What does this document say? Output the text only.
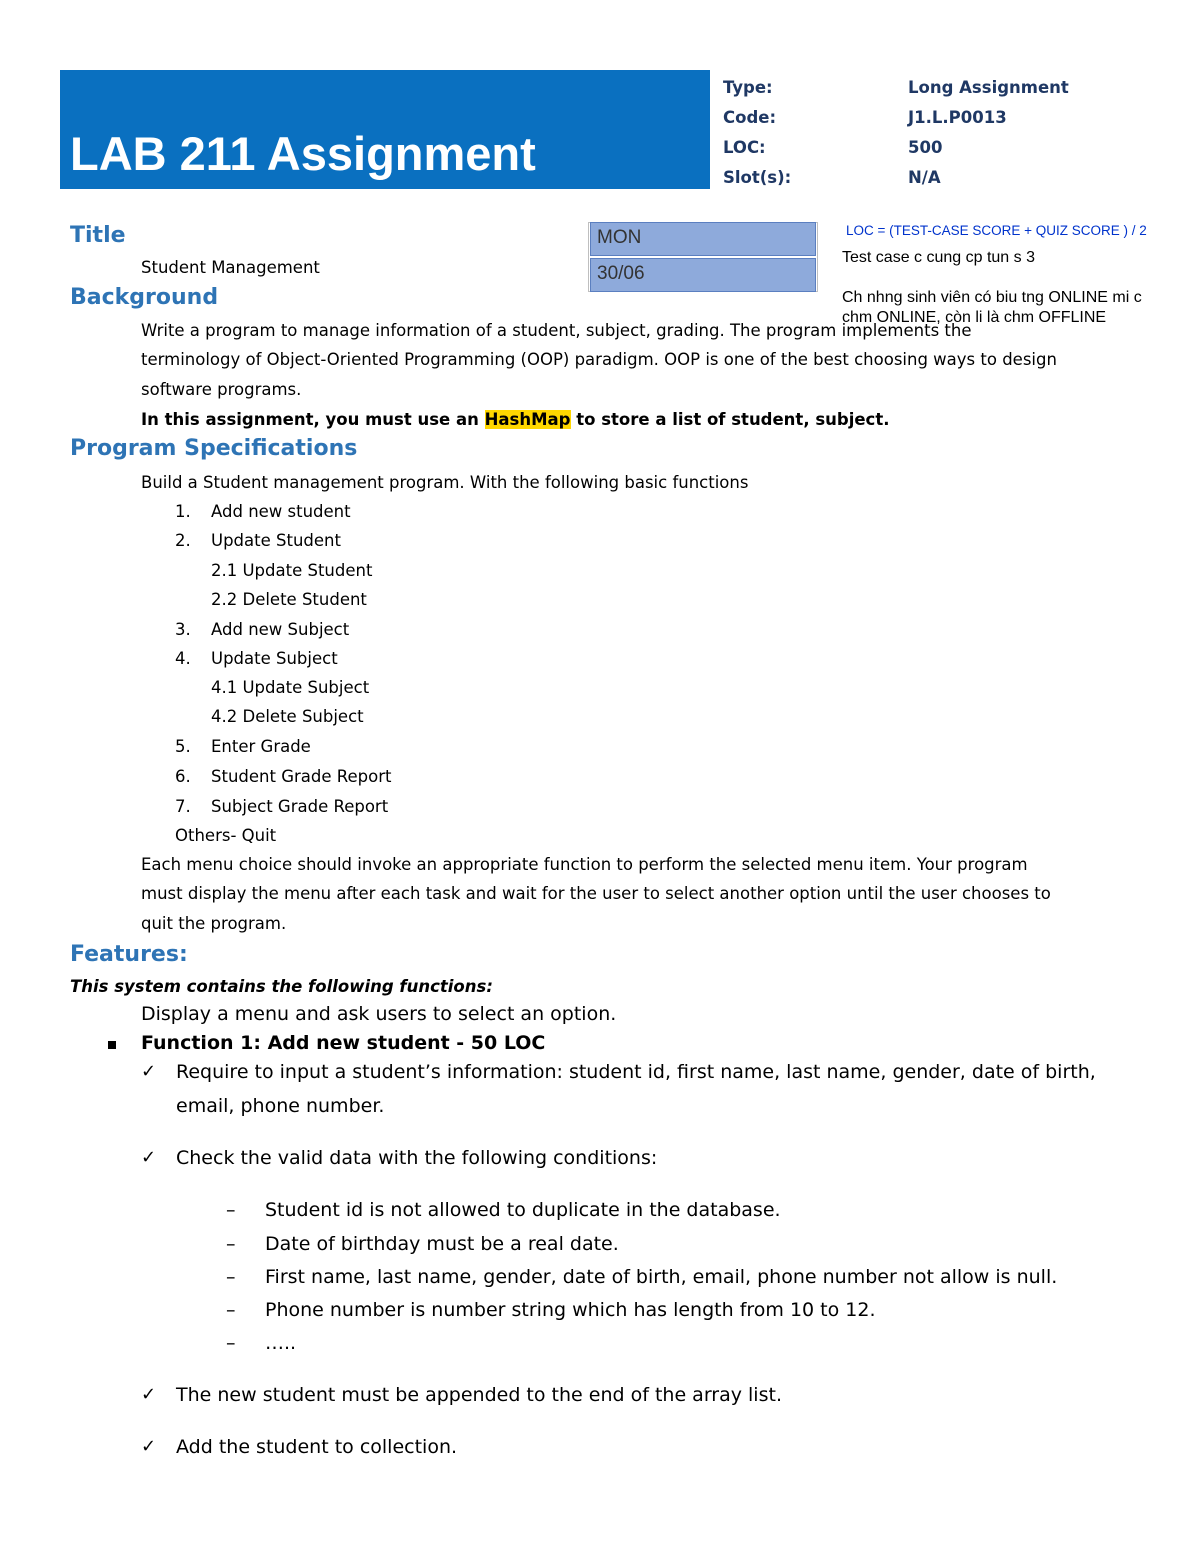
LAB 211 Assignment
Type:	Long Assignment
Code:	J1.L.P0013
LOC:	500
Slot(s):	N/A
MON
30/06
LOC = (TEST-CASE SCORE + QUIZ SCORE ) / 2
Test case c cung cp tun s 3
Ch nhng sinh viên có biu tng ONLINE mi c
chm ONLINE, còn li là chm OFFLINE
Title
Student Management
Background
Write a program to manage information of a student, subject, grading. The program implements the
terminology of Object-Oriented Programming (OOP) paradigm. OOP is one of the best choosing ways to design
software programs.
In this assignment, you must use an HashMap to store a list of student, subject.
Program Specifications
Build a Student management program. With the following basic functions
1. Add new student
2. Update Student
2.1 Update Student
2.2 Delete Student
3. Add new Subject
4. Update Subject
4.1 Update Subject
4.2 Delete Subject
5. Enter Grade
6. Student Grade Report
7. Subject Grade Report
Others- Quit
Each menu choice should invoke an appropriate function to perform the selected menu item. Your program
must display the menu after each task and wait for the user to select another option until the user chooses to
quit the program.
Features:
This system contains the following functions:
Display a menu and ask users to select an option.
Function 1: Add new student - 50 LOC
✓ Require to input a student’s information: student id, first name, last name, gender, date of birth,
email, phone number.
✓ Check the valid data with the following conditions:
– Student id is not allowed to duplicate in the database.
– Date of birthday must be a real date.
– First name, last name, gender, date of birth, email, phone number not allow is null.
– Phone number is number string which has length from 10 to 12.
– …..
✓ The new student must be appended to the end of the array list.
✓ Add the student to collection.
